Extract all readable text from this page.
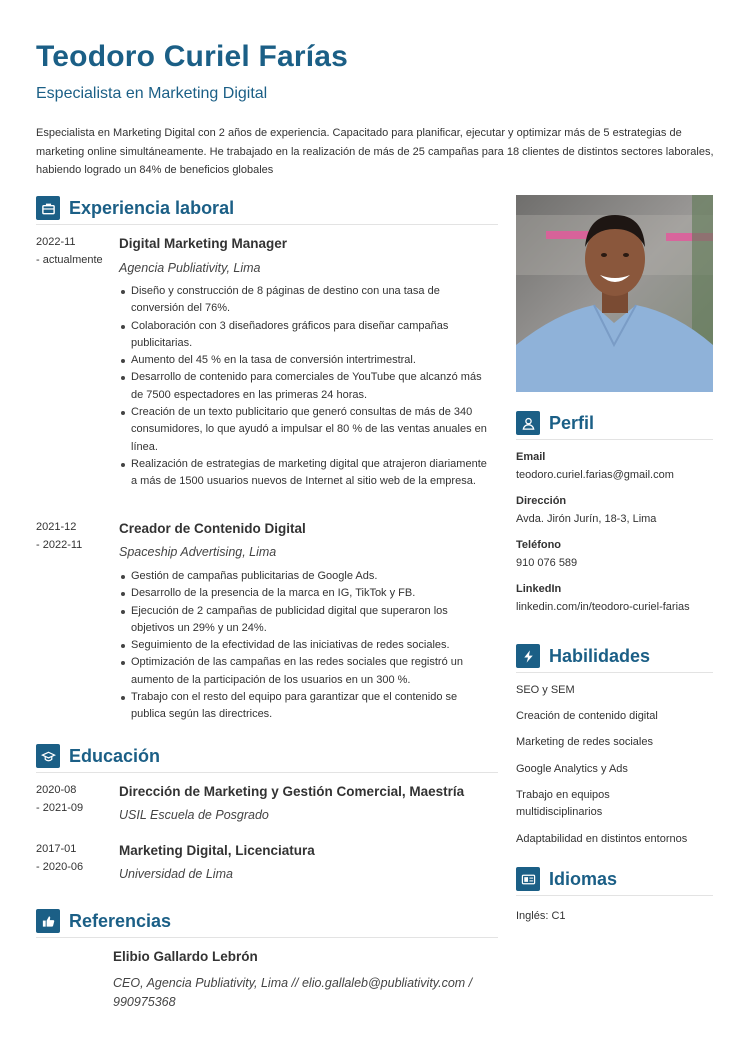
Teodoro Curiel Farías
Especialista en Marketing Digital
Especialista en Marketing Digital con 2 años de experiencia. Capacitado para planificar, ejecutar y optimizar más de 5 estrategias de marketing online simultáneamente. He trabajado en la realización de más de 25 campañas para 18 clientes de distintos sectores laborales, habiendo logrado un 84% de beneficios globales
Experiencia laboral
2022-11
- actualmente
Digital Marketing Manager
Agencia Publiativity, Lima
Diseño y construcción de 8 páginas de destino con una tasa de conversión del 76%.
Colaboración con 3 diseñadores gráficos para diseñar campañas publicitarias.
Aumento del 45 % en la tasa de conversión intertrimestral.
Desarrollo de contenido para comerciales de YouTube que alcanzó más de 7500 espectadores en las primeras 24 horas.
Creación de un texto publicitario que generó consultas de más de 340 consumidores, lo que ayudó a impulsar el 80 % de las ventas anuales en línea.
Realización de estrategias de marketing digital que atrajeron diariamente a más de 1500 usuarios nuevos de Internet al sitio web de la empresa.
2021-12
- 2022-11
Creador de Contenido Digital
Spaceship Advertising, Lima
Gestión de campañas publicitarias de Google Ads.
Desarrollo de la presencia de la marca en IG, TikTok y FB.
Ejecución de 2 campañas de publicidad digital que superaron los objetivos un 29% y un 24%.
Seguimiento de la efectividad de las iniciativas de redes sociales.
Optimización de las campañas en las redes sociales que registró un aumento de la participación de los usuarios en un 300 %.
Trabajo con el resto del equipo para garantizar que el contenido se publica según las directrices.
Educación
2020-08
- 2021-09
Dirección de Marketing y Gestión Comercial, Maestría
USIL Escuela de Posgrado
2017-01
- 2020-06
Marketing Digital, Licenciatura
Universidad de Lima
Referencias
Elibio Gallardo Lebrón
CEO, Agencia Publiativity, Lima // elio.gallaleb@publiativity.com /
990975368
Perfil
Email
teodoro.curiel.farias@gmail.com
Dirección
Avda. Jirón Jurín, 18-3, Lima
Teléfono
910 076 589
LinkedIn
linkedin.com/in/teodoro-curiel-farias
Habilidades
SEO y SEM
Creación de contenido digital
Marketing de redes sociales
Google Analytics y Ads
Trabajo en equipos multidisciplinarios
Adaptabilidad en distintos entornos
Idiomas
Inglés: C1
